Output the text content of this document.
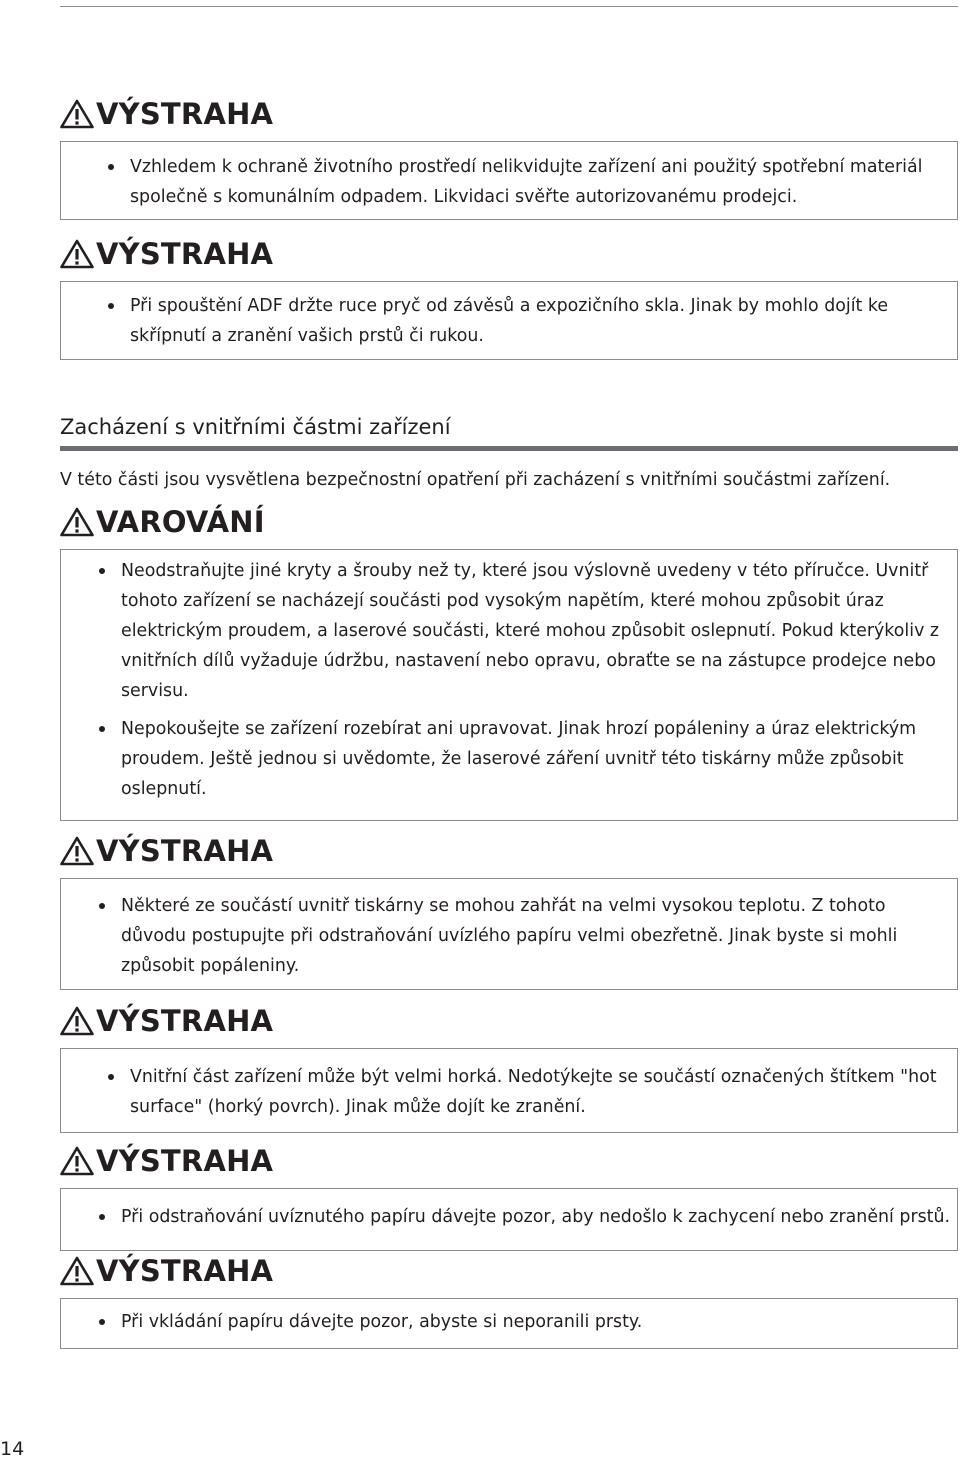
VÝSTRAHA
Vzhledem k ochraně životního prostředí nelikvidujte zařízení ani použitý spotřební materiál společně s komunálním odpadem. Likvidaci svěřte autorizovanému prodejci.
VÝSTRAHA
Při spouštění ADF držte ruce pryč od závěsů a expozičního skla. Jinak by mohlo dojít ke skřípnutí a zranění vašich prstů či rukou.
Zacházení s vnitřními částmi zařízení
V této části jsou vysvětlena bezpečnostní opatření při zacházení s vnitřními součástmi zařízení.
VAROVÁNÍ
Neodstraňujte jiné kryty a šrouby než ty, které jsou výslovně uvedeny v této příručce. Uvnitř tohoto zařízení se nacházejí součásti pod vysokým napětím, které mohou způsobit úraz elektrickým proudem, a laserové součásti, které mohou způsobit oslepnutí. Pokud kterýkoliv z vnitřních dílů vyžaduje údržbu, nastavení nebo opravu, obraťte se na zástupce prodejce nebo servisu.
Nepokoušejte se zařízení rozebírat ani upravovat. Jinak hrozí popáleniny a úraz elektrickým proudem. Ještě jednou si uvědomte, že laserové záření uvnitř této tiskárny může způsobit oslepnutí.
VÝSTRAHA
Některé ze součástí uvnitř tiskárny se mohou zahřát na velmi vysokou teplotu. Z tohoto důvodu postupujte při odstraňování uvízlého papíru velmi obezřetně. Jinak byste si mohli způsobit popáleniny.
VÝSTRAHA
Vnitřní část zařízení může být velmi horká. Nedotýkejte se součástí označených štítkem "hot surface" (horký povrch). Jinak může dojít ke zranění.
VÝSTRAHA
Při odstraňování uvíznutého papíru dávejte pozor, aby nedošlo k zachycení nebo zranění prstů.
VÝSTRAHA
Při vkládání papíru dávejte pozor, abyste si neporanili prsty.
14
